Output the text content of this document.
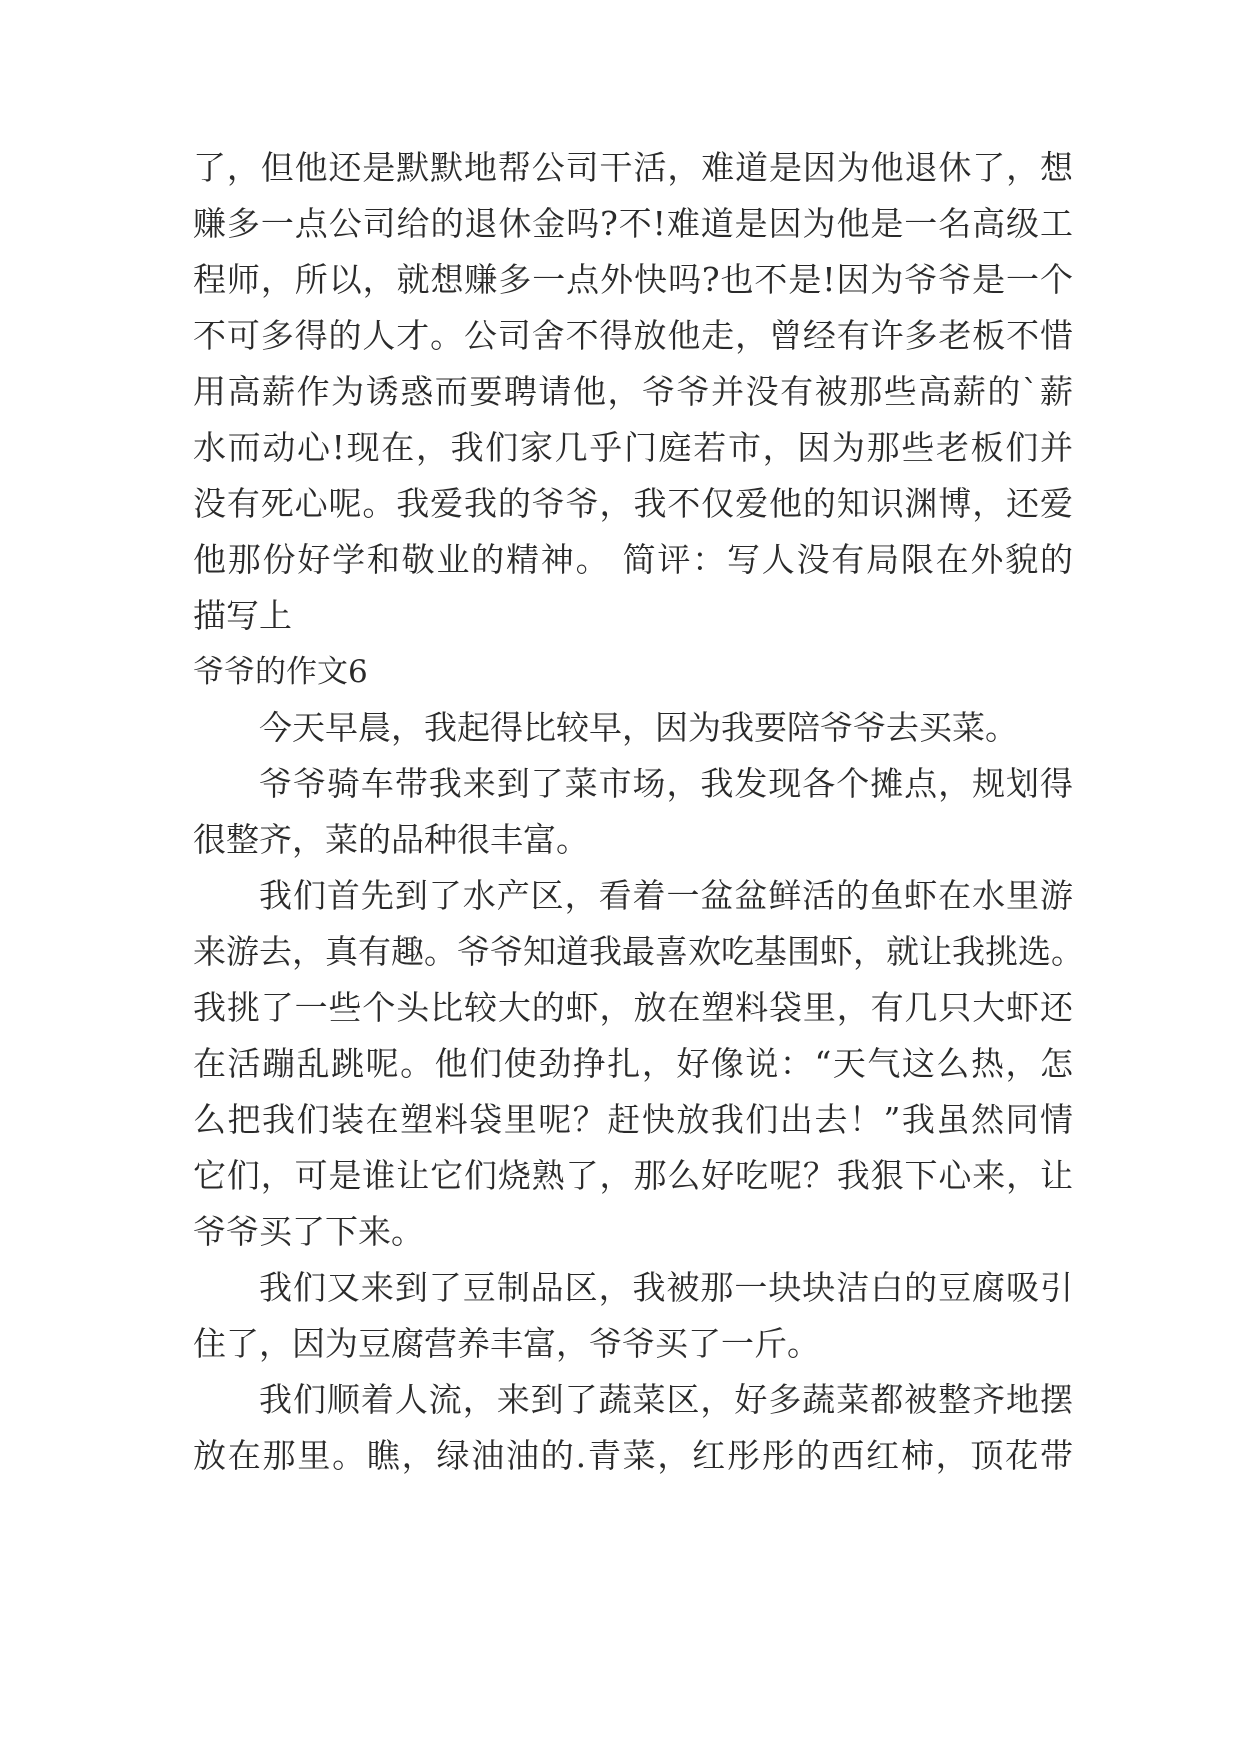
了，但他还是默默地帮公司干活，难道是因为他退休了，想
赚多一点公司给的退休金吗?不!难道是因为他是一名高级工
程师，所以，就想赚多一点外快吗?也不是!因为爷爷是一个
不可多得的人才。公司舍不得放他走，曾经有许多老板不惜
用高薪作为诱惑而要聘请他，爷爷并没有被那些高薪的`薪
水而动心!现在，我们家几乎门庭若市，因为那些老板们并
没有死心呢。我爱我的爷爷，我不仅爱他的知识渊博，还爱
他那份好学和敬业的精神。 简评：写人没有局限在外貌的
描写上
爷爷的作文6
今天早晨，我起得比较早，因为我要陪爷爷去买菜。
爷爷骑车带我来到了菜市场，我发现各个摊点，规划得
很整齐，菜的品种很丰富。
我们首先到了水产区，看着一盆盆鲜活的鱼虾在水里游
来游去，真有趣。爷爷知道我最喜欢吃基围虾，就让我挑选。
我挑了一些个头比较大的虾，放在塑料袋里，有几只大虾还
在活蹦乱跳呢。他们使劲挣扎，好像说：“天气这么热，怎
么把我们装在塑料袋里呢？赶快放我们出去！”我虽然同情
它们，可是谁让它们烧熟了，那么好吃呢？我狠下心来，让
爷爷买了下来。
我们又来到了豆制品区，我被那一块块洁白的豆腐吸引
住了，因为豆腐营养丰富，爷爷买了一斤。
我们顺着人流，来到了蔬菜区，好多蔬菜都被整齐地摆
放在那里。瞧，绿油油的.青菜，红彤彤的西红柿，顶花带
